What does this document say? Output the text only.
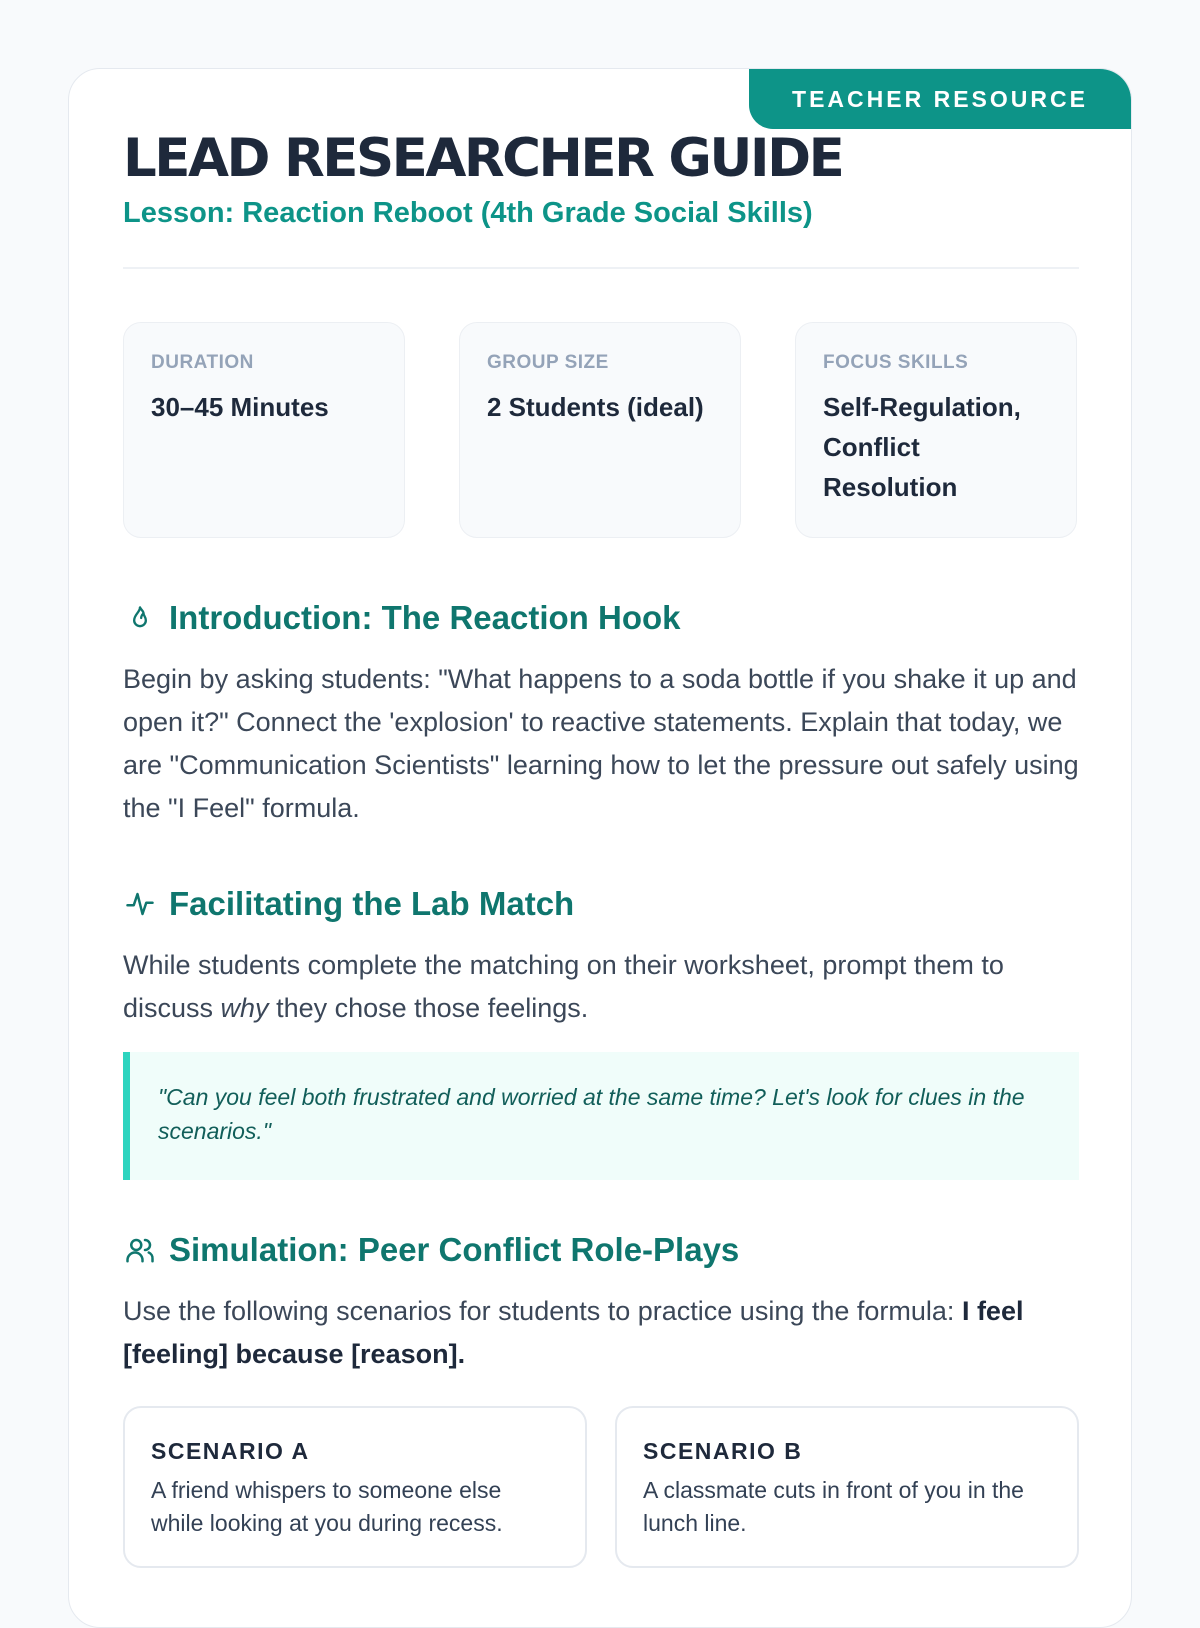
TEACHER RESOURCE
LEAD RESEARCHER GUIDE
Lesson: Reaction Reboot (4th Grade Social Skills)
DURATION
30–45 Minutes
GROUP SIZE
2 Students (ideal)
FOCUS SKILLS
Self-Regulation, Conflict Resolution
Introduction: The Reaction Hook

Begin by asking students: "What happens to a soda bottle if you shake it up and open it?" Connect the 'explosion' to reactive statements. Explain that today, we are "Communication Scientists" learning how to let the pressure out safely using the "I Feel" formula.

Facilitating the Lab Match

While students complete the matching on their worksheet, prompt them to discuss why they chose those feelings.

"Can you feel both frustrated and worried at the same time? Let's look for clues in the scenarios."
Simulation: Peer Conflict Role-Plays

Use the following scenarios for students to practice using the formula: I feel [feeling] because [reason].

SCENARIO A
A friend whispers to someone else while looking at you during recess.
SCENARIO B
A classmate cuts in front of you in the lunch line.
